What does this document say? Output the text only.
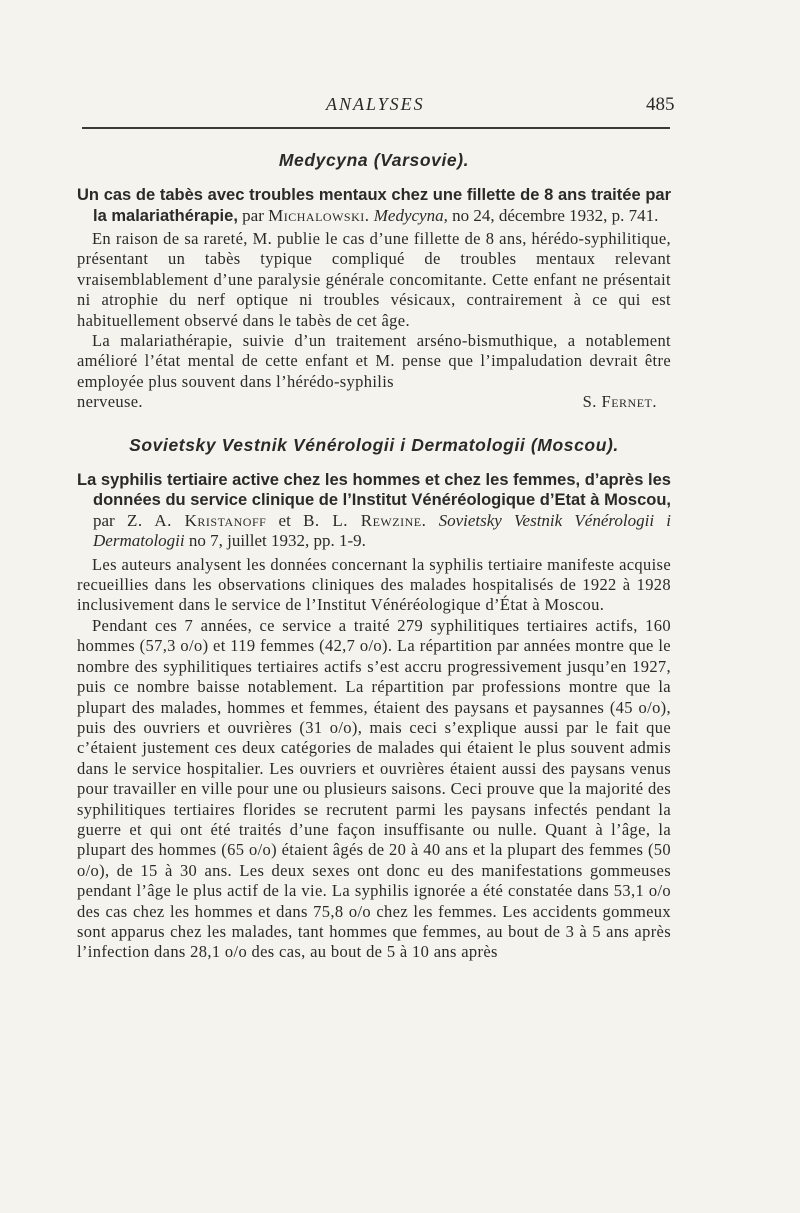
ANALYSES	485
Medycyna (Varsovie).
Un cas de tabès avec troubles mentaux chez une fillette de 8 ans traitée par la malariathérapie, par Michalowski. Medycyna, no 24, décembre 1932, p. 741.

En raison de sa rareté, M. publie le cas d’une fillette de 8 ans, hérédo-syphilitique, présentant un tabès typique compliqué de troubles mentaux relevant vraisemblablement d’une paralysie générale concomitante. Cette enfant ne présentait ni atrophie du nerf optique ni troubles vésicaux, contrairement à ce qui est habituellement observé dans le tabès de cet âge.

La malariathérapie, suivie d’un traitement arséno-bismuthique, a notablement amélioré l’état mental de cette enfant et M. pense que l’impaludation devrait être employée plus souvent dans l’hérédo-syphilis

nerveuse.	S. Fernet.
Sovietsky Vestnik Vénérologii i Dermatologii (Moscou).
La syphilis tertiaire active chez les hommes et chez les femmes, d’après les données du service clinique de l’Institut Vénéréologique d’Etat à Moscou, par Z. A. Kristanoff et B. L. Rewzine. Sovietsky Vestnik Vénérologii i Dermatologii no 7, juillet 1932, pp. 1-9.

Les auteurs analysent les données concernant la syphilis tertiaire manifeste acquise recueillies dans les observations cliniques des malades hospitalisés de 1922 à 1928 inclusivement dans le service de l’Institut Vénéréologique d’État à Moscou.

Pendant ces 7 années, ce service a traité 279 syphilitiques tertiaires actifs, 160 hommes (57,3 o/o) et 119 femmes (42,7 o/o). La répartition par années montre que le nombre des syphilitiques tertiaires actifs s’est accru progressivement jusqu’en 1927, puis ce nombre baisse notablement. La répartition par professions montre que la plupart des malades, hommes et femmes, étaient des paysans et paysannes (45 o/o), puis des ouvriers et ouvrières (31 o/o), mais ceci s’explique aussi par le fait que c’étaient justement ces deux catégories de malades qui étaient le plus souvent admis dans le service hospitalier. Les ouvriers et ouvrières étaient aussi des paysans venus pour travailler en ville pour une ou plusieurs saisons. Ceci prouve que la majorité des syphilitiques tertiaires florides se recrutent parmi les paysans infectés pendant la guerre et qui ont été traités d’une façon insuffisante ou nulle. Quant à l’âge, la plupart des hommes (65 o/o) étaient âgés de 20 à 40 ans et la plupart des femmes (50 o/o), de 15 à 30 ans. Les deux sexes ont donc eu des manifestations gommeuses pendant l’âge le plus actif de la vie. La syphilis ignorée a été constatée dans 53,1 o/o des cas chez les hommes et dans 75,8 o/o chez les femmes. Les accidents gommeux sont apparus chez les malades, tant hommes que femmes, au bout de 3 à 5 ans après l’infection dans 28,1 o/o des cas, au bout de 5 à 10 ans après
